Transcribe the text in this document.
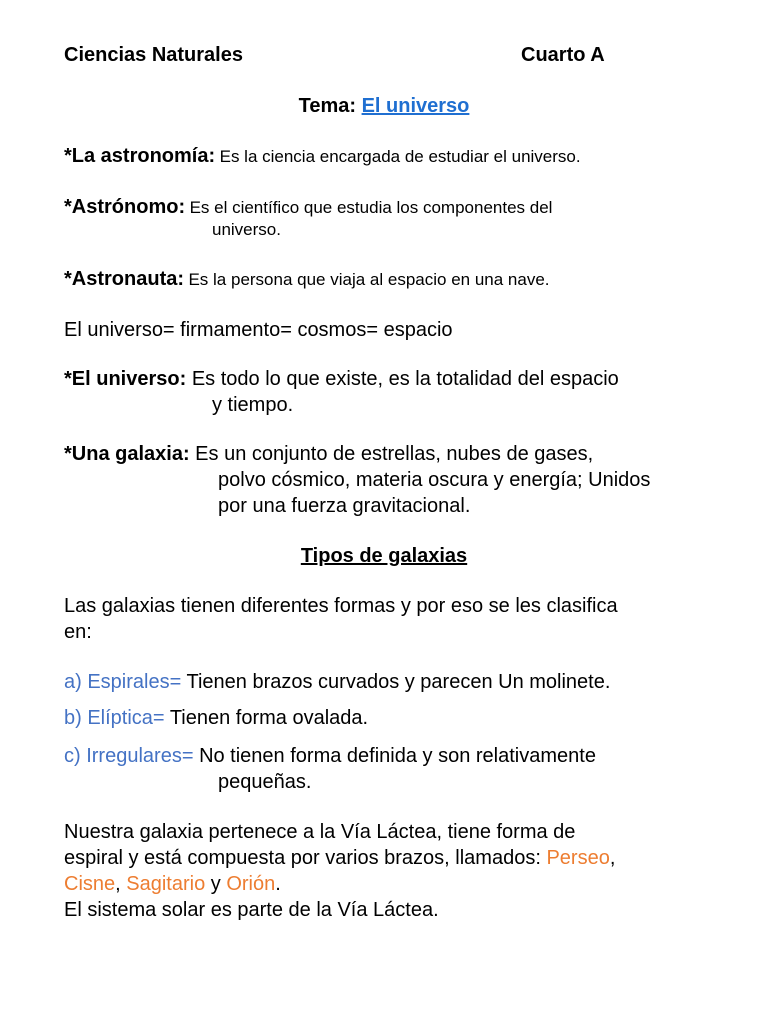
Ciencias Naturales	Cuarto A
Tema: El universo
*La astronomía: Es la ciencia encargada de estudiar el universo.
*Astrónomo: Es el científico que estudia los componentes del
universo.
*Astronauta: Es la persona que viaja al espacio en una nave.
El universo= firmamento= cosmos= espacio
*El universo: Es todo lo que existe, es la totalidad del espacio
y tiempo.
*Una galaxia: Es un conjunto de estrellas, nubes de gases,
polvo cósmico, materia oscura y energía; Unidos
por una fuerza gravitacional.
Tipos de galaxias
Las galaxias tienen diferentes formas y por eso se les clasifica
en:
a) Espirales= Tienen brazos curvados y parecen Un molinete.
b) Elíptica= Tienen forma ovalada.
c) Irregulares= No tienen forma definida y son relativamente
pequeñas.
Nuestra galaxia pertenece a la Vía Láctea, tiene forma de
espiral y está compuesta por varios brazos, llamados: Perseo,
Cisne, Sagitario y Orión.
El sistema solar es parte de la Vía Láctea.
